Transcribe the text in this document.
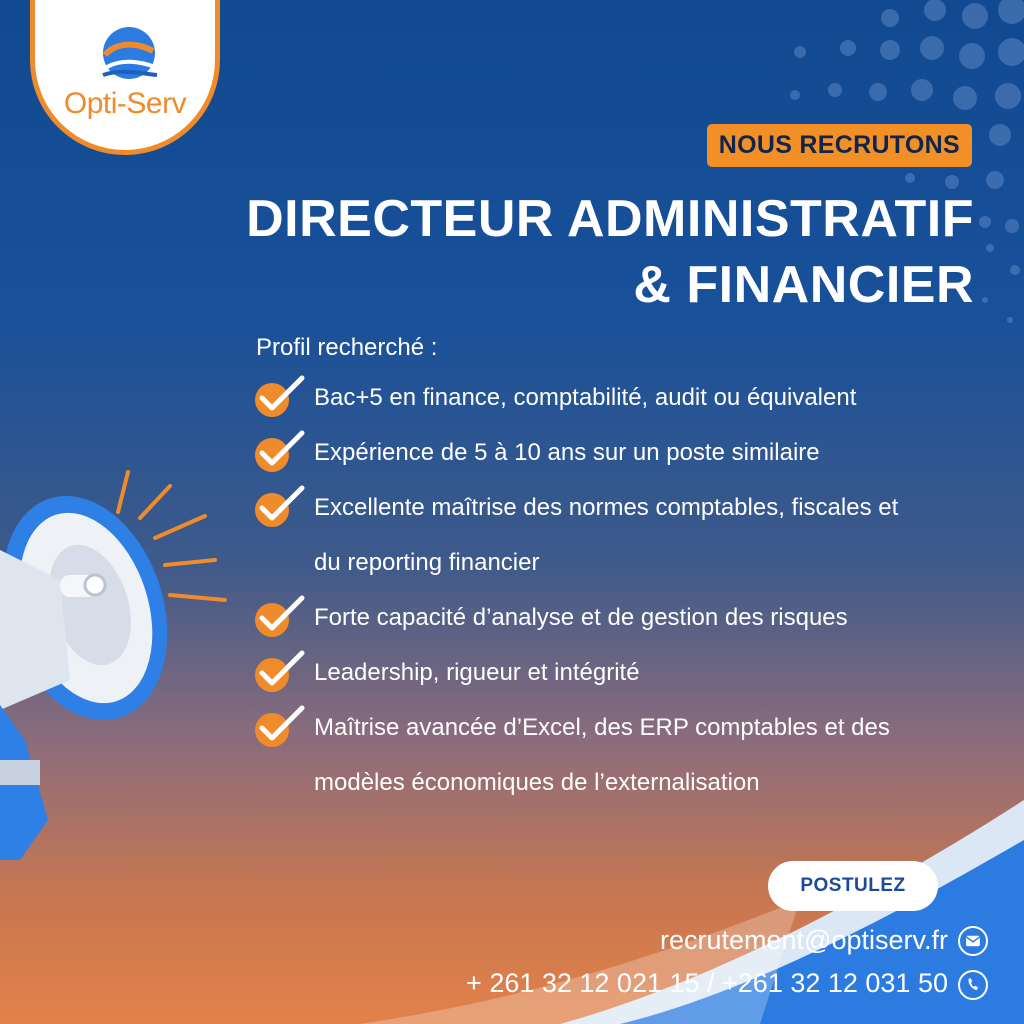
Opti-Serv
NOUS RECRUTONS
DIRECTEUR ADMINISTRATIF
& FINANCIER
Profil recherché :
Bac+5 en finance, comptabilité, audit ou équivalent
Expérience de 5 à 10 ans sur un poste similaire
Excellente maîtrise des normes comptables, fiscales et
du reporting financier
Forte capacité d’analyse et de gestion des risques
Leadership, rigueur et intégrité
Maîtrise avancée d’Excel, des ERP comptables et des
modèles économiques de l’externalisation
POSTULEZ
recrutement@optiserv.fr
+ 261 32 12 021 15 / +261 32 12 031 50
